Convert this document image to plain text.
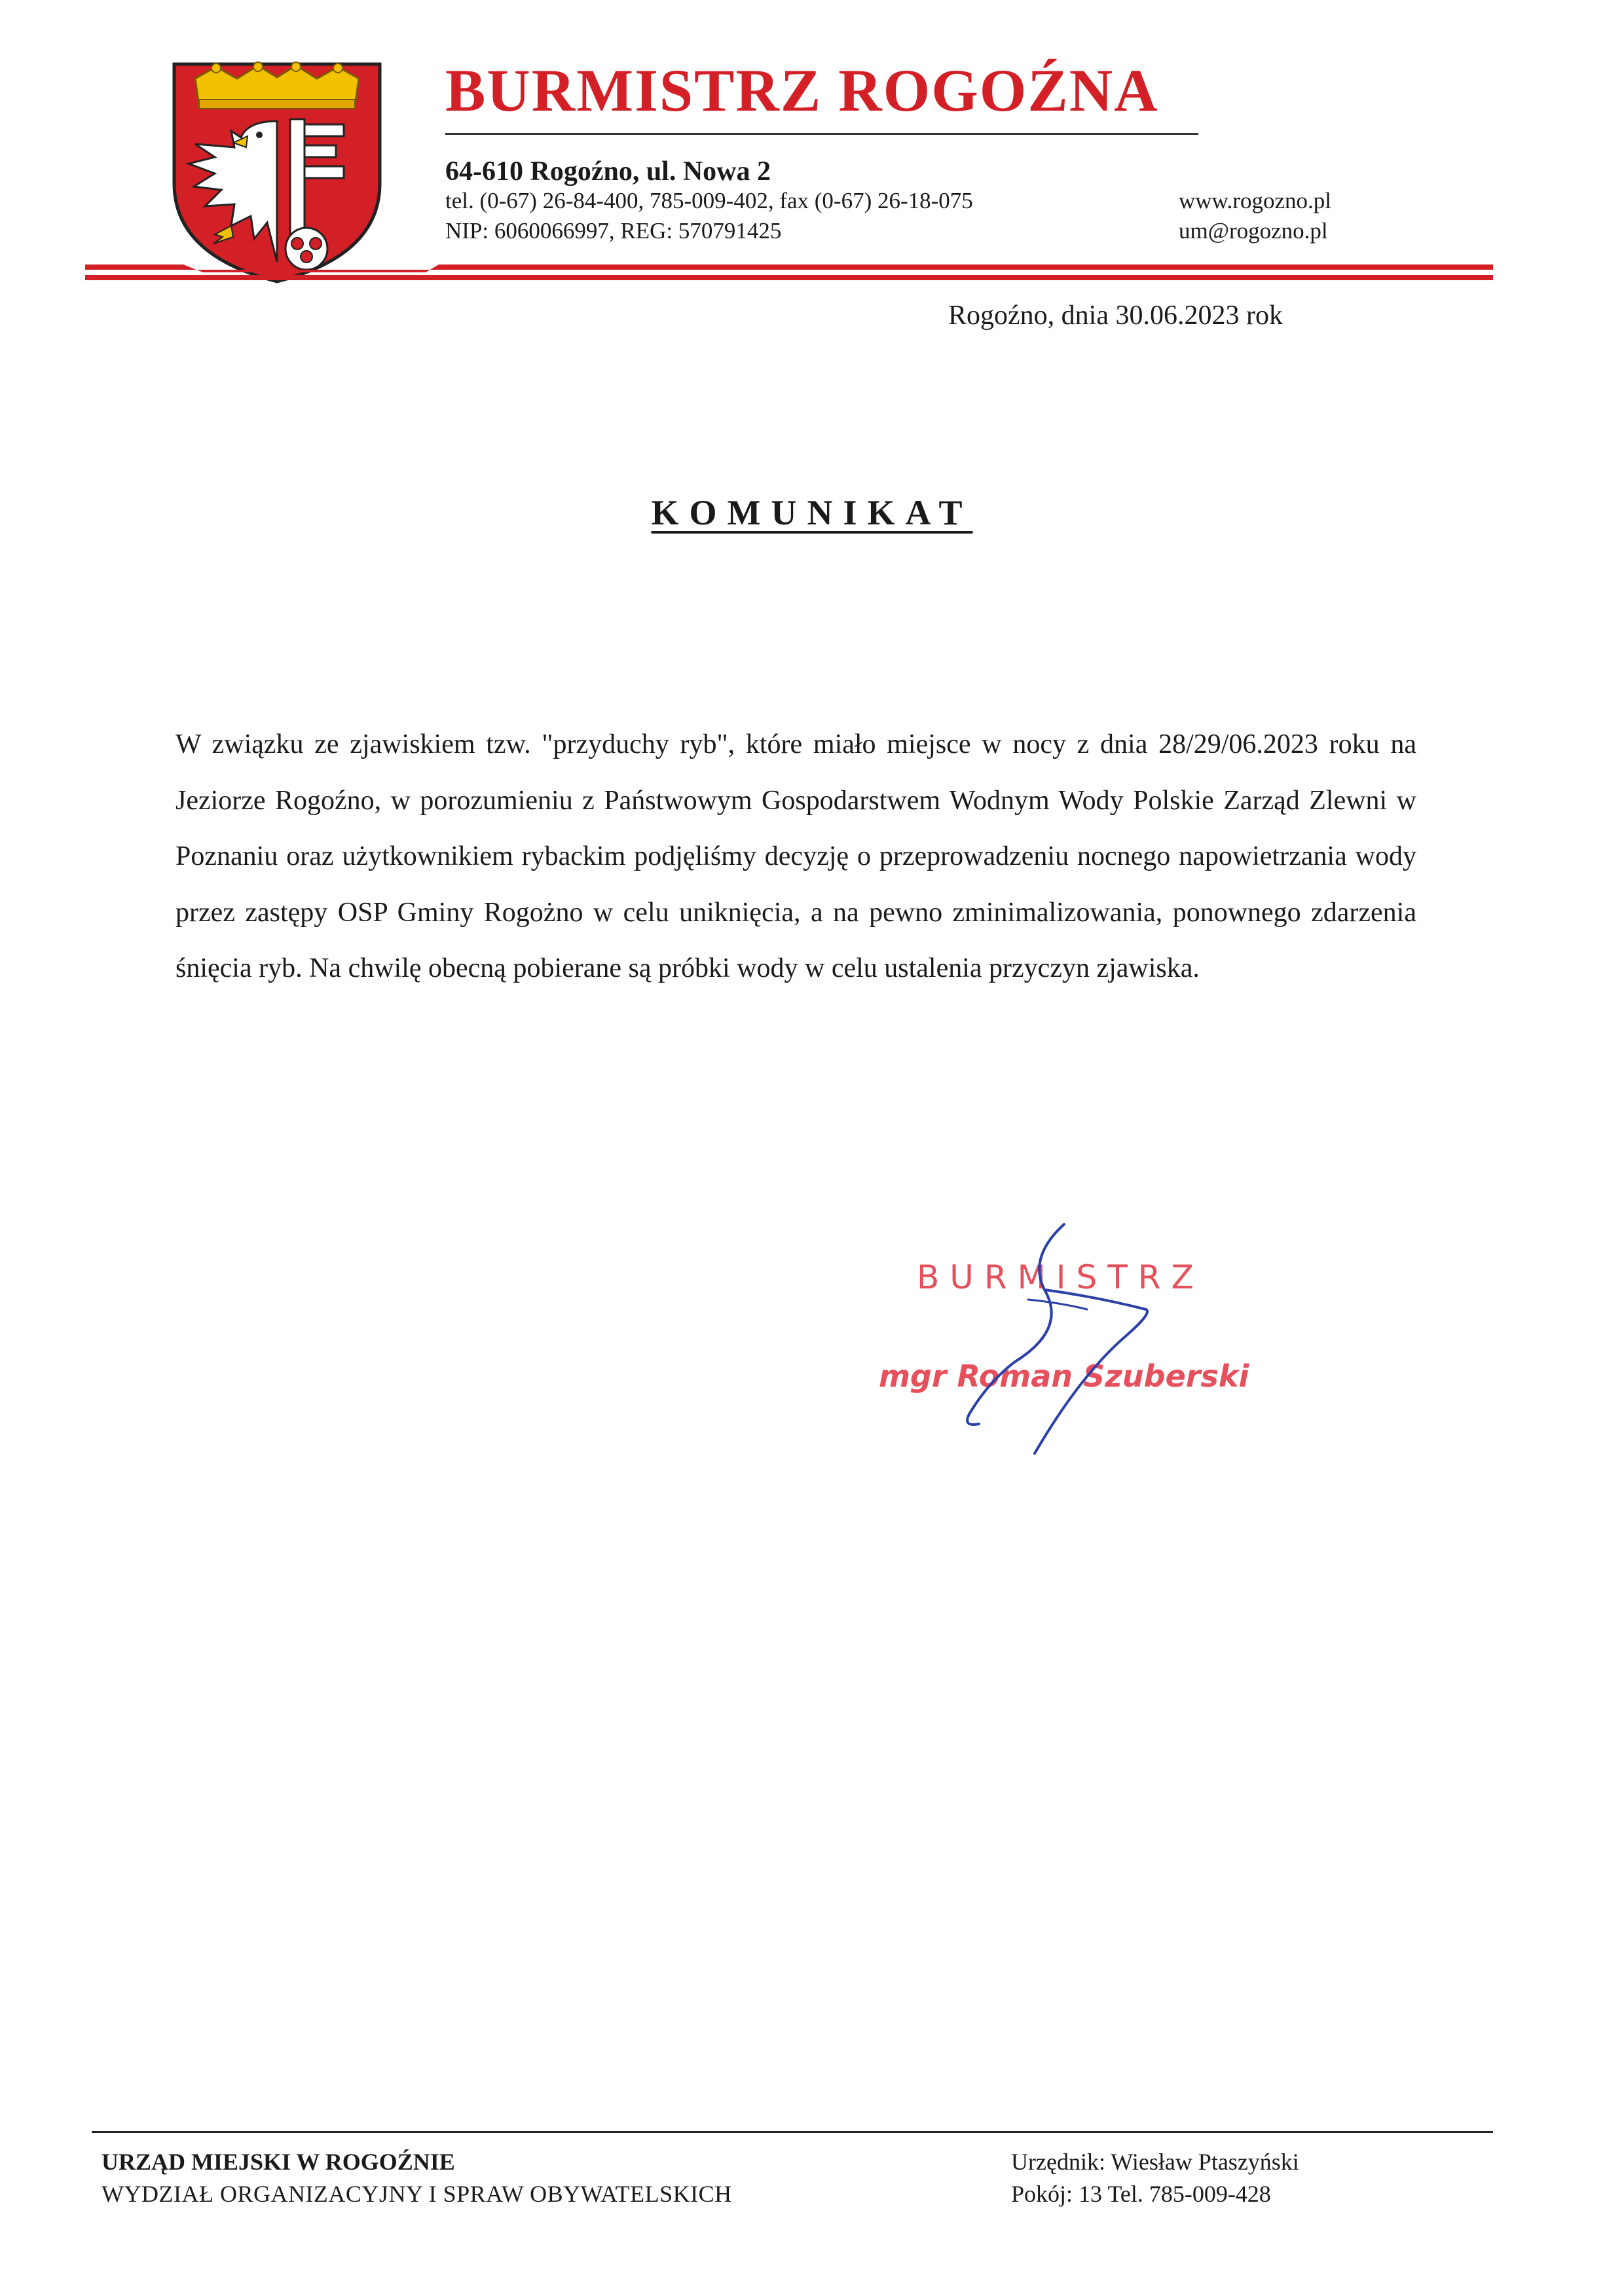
BURMISTRZ ROGOŹNA
64-610 Rogoźno, ul. Nowa 2
tel. (0-67) 26-84-400, 785-009-402, fax (0-67) 26-18-075
NIP: 6060066997, REG: 570791425
www.rogozno.pl
um@rogozno.pl
Rogoźno, dnia 30.06.2023 rok
KOMUNIKAT
W związku ze zjawiskiem tzw. "przyduchy ryb", które miało miejsce w nocy z dnia 28/29/06.2023 roku na Jeziorze Rogoźno, w porozumieniu z Państwowym Gospodarstwem Wodnym Wody Polskie Zarząd Zlewni w Poznaniu oraz użytkownikiem rybackim podjęliśmy decyzję o przeprowadzeniu nocnego napowietrzania wody przez zastępy OSP Gminy Rogożno w celu uniknięcia, a na pewno zminimalizowania, ponownego zdarzenia śnięcia ryb. Na chwilę obecną pobierane są próbki wody w celu ustalenia przyczyn zjawiska.
BURMISTRZ
mgr Roman Szuberski
URZĄD MIEJSKI W ROGOŹNIE
WYDZIAŁ ORGANIZACYJNY I SPRAW OBYWATELSKICH
Urzędnik: Wiesław Ptaszyński
Pokój: 13 Tel. 785-009-428
